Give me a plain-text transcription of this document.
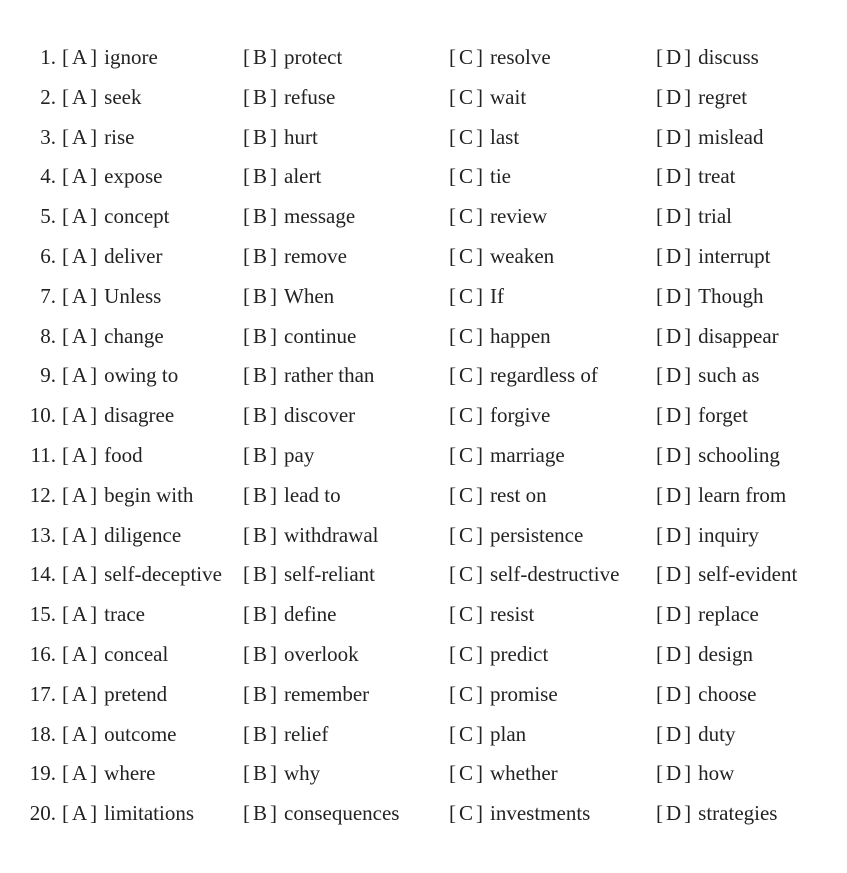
1. [ A ] ignore	[ B ] protect	[ C ] resolve	[ D ] discuss
2. [ A ] seek	[ B ] refuse	[ C ] wait	[ D ] regret
3. [ A ] rise	[ B ] hurt	[ C ] last	[ D ] mislead
4. [ A ] expose	[ B ] alert	[ C ] tie	[ D ] treat
5. [ A ] concept	[ B ] message	[ C ] review	[ D ] trial
6. [ A ] deliver	[ B ] remove	[ C ] weaken	[ D ] interrupt
7. [ A ] Unless	[ B ] When	[ C ] If	[ D ] Though
8. [ A ] change	[ B ] continue	[ C ] happen	[ D ] disappear
9. [ A ] owing to	[ B ] rather than	[ C ] regardless of	[ D ] such as
10. [ A ] disagree	[ B ] discover	[ C ] forgive	[ D ] forget
11. [ A ] food	[ B ] pay	[ C ] marriage	[ D ] schooling
12. [ A ] begin with [ B ] lead to	[ C ] rest on	[ D ] learn from
13. [ A ] diligence	[ B ] withdrawal	[ C ] persistence	[ D ] inquiry
14. [ A ] self-deceptive [ B ] self-reliant	[ C ] self-destructive [ D ] self-evident
15. [ A ] trace	[ B ] define	[ C ] resist	[ D ] replace
16. [ A ] conceal	[ B ] overlook	[ C ] predict	[ D ] design
17. [ A ] pretend	[ B ] remember	[ C ] promise	[ D ] choose
18. [ A ] outcome	[ B ] relief	[ C ] plan	[ D ] duty
19. [ A ] where	[ B ] why	[ C ] whether	[ D ] how
20. [ A ] limitations [ B ] consequences [ C ] investments	[ D ] strategies
